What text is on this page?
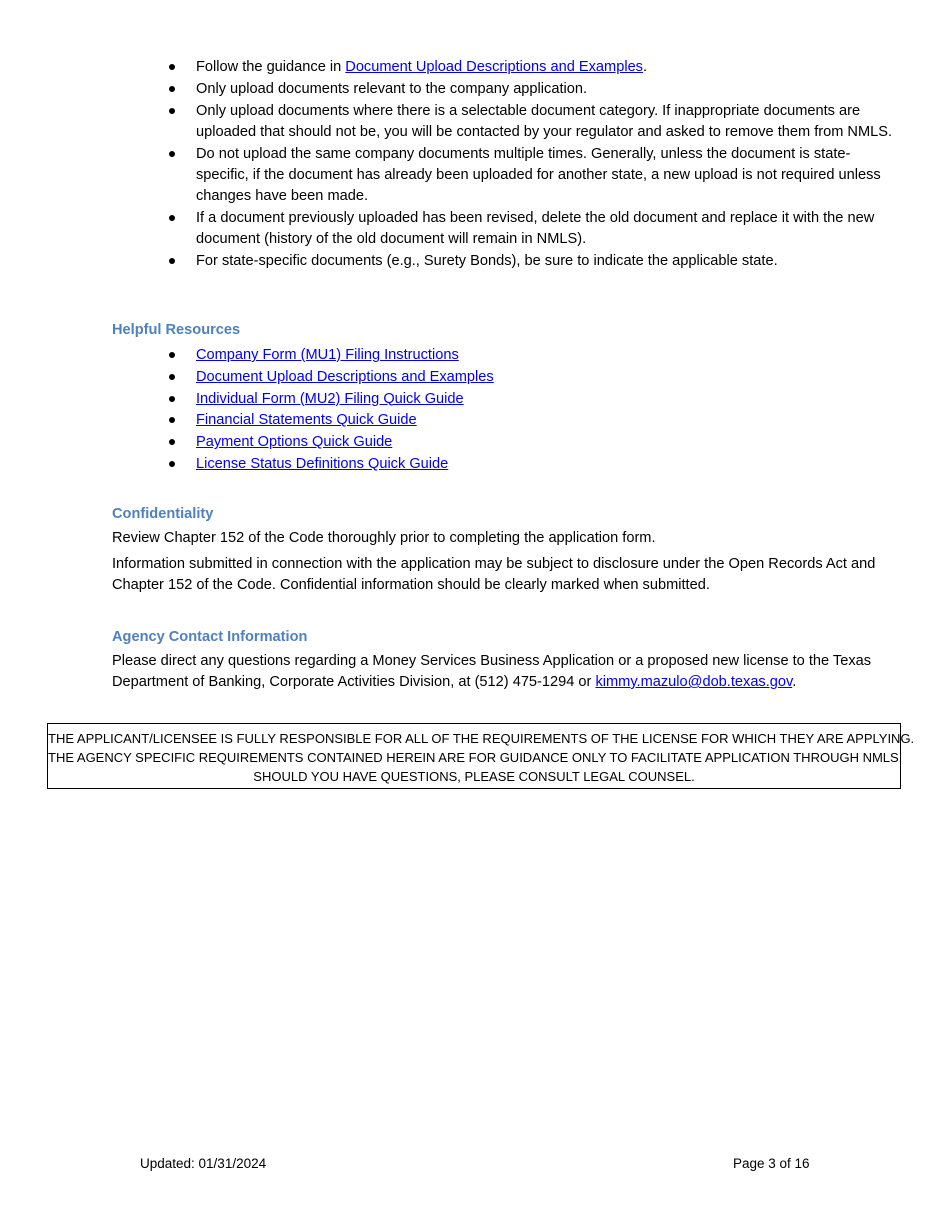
Follow the guidance in Document Upload Descriptions and Examples.
Only upload documents relevant to the company application.
Only upload documents where there is a selectable document category. If inappropriate documents are uploaded that should not be, you will be contacted by your regulator and asked to remove them from NMLS.
Do not upload the same company documents multiple times. Generally, unless the document is state-specific, if the document has already been uploaded for another state, a new upload is not required unless changes have been made.
If a document previously uploaded has been revised, delete the old document and replace it with the new document (history of the old document will remain in NMLS).
For state-specific documents (e.g., Surety Bonds), be sure to indicate the applicable state.
Helpful Resources
Company Form (MU1) Filing Instructions
Document Upload Descriptions and Examples
Individual Form (MU2) Filing Quick Guide
Financial Statements Quick Guide
Payment Options Quick Guide
License Status Definitions Quick Guide
Confidentiality

Review Chapter 152 of the Code thoroughly prior to completing the application form.

Information submitted in connection with the application may be subject to disclosure under the Open Records Act and Chapter 152 of the Code. Confidential information should be clearly marked when submitted.

Agency Contact Information

Please direct any questions regarding a Money Services Business Application or a proposed new license to the Texas Department of Banking, Corporate Activities Division, at (512) 475-1294 or kimmy.mazulo@dob.texas.gov.

THE APPLICANT/LICENSEE IS FULLY RESPONSIBLE FOR ALL OF THE REQUIREMENTS OF THE LICENSE FOR WHICH THEY ARE APPLYING.
THE AGENCY SPECIFIC REQUIREMENTS CONTAINED HEREIN ARE FOR GUIDANCE ONLY TO FACILITATE APPLICATION THROUGH NMLS.
SHOULD YOU HAVE QUESTIONS, PLEASE CONSULT LEGAL COUNSEL.
Updated: 01/31/2024	Page 3 of 16
